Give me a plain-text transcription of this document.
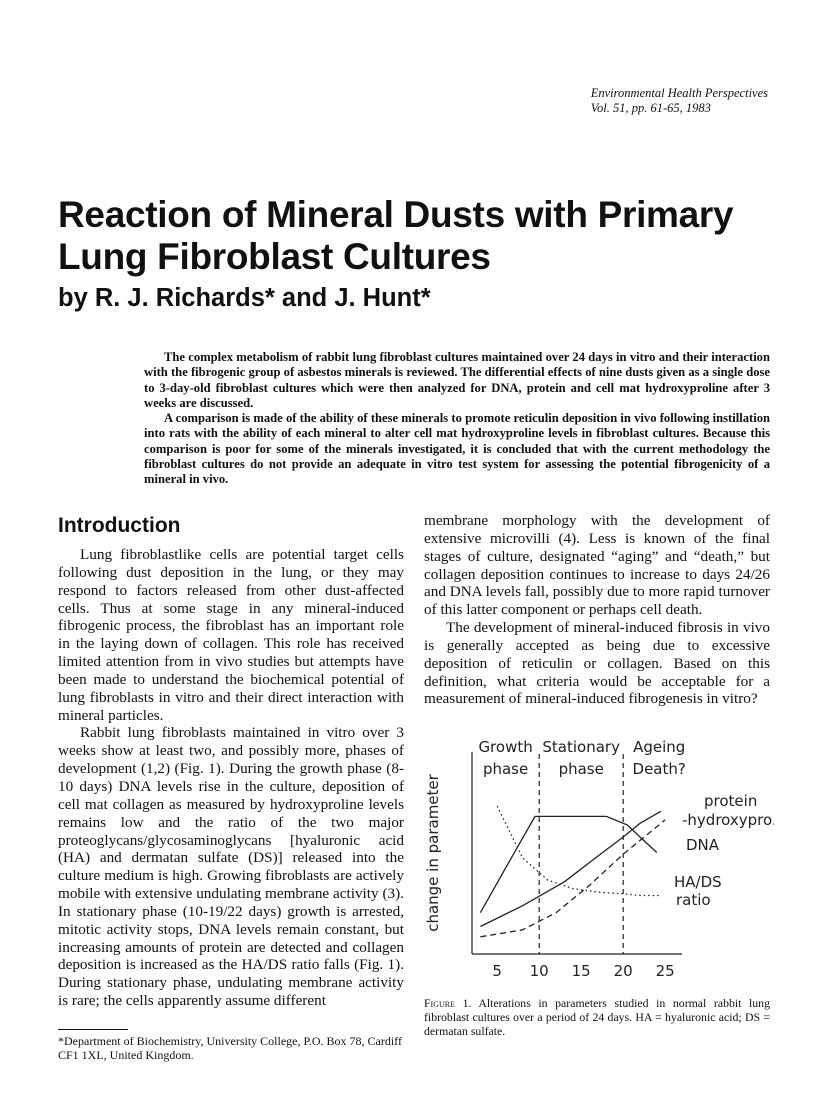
Environmental Health Perspectives
Vol. 51, pp. 61-65, 1983
Reaction of Mineral Dusts with Primary Lung Fibroblast Cultures
by R. J. Richards* and J. Hunt*

The complex metabolism of rabbit lung fibroblast cultures maintained over 24 days in vitro and their interaction with the fibrogenic group of asbestos minerals is reviewed. The differential effects of nine dusts given as a single dose to 3-day-old fibroblast cultures which were then analyzed for DNA, protein and cell mat hydroxyproline after 3 weeks are discussed.

A comparison is made of the ability of these minerals to promote reticulin deposition in vivo following instillation into rats with the ability of each mineral to alter cell mat hydroxyproline levels in fibroblast cultures. Because this comparison is poor for some of the minerals investigated, it is concluded that with the current methodology the fibroblast cultures do not provide an adequate in vitro test system for assessing the potential fibrogenicity of a mineral in vivo.

Introduction

Lung fibroblastlike cells are potential target cells following dust deposition in the lung, or they may respond to factors released from other dust-affected cells. Thus at some stage in any mineral-induced fibrogenic process, the fibroblast has an important role in the laying down of collagen. This role has received limited attention from in vivo studies but attempts have been made to understand the biochemical potential of lung fibroblasts in vitro and their direct interaction with mineral particles.

Rabbit lung fibroblasts maintained in vitro over 3 weeks show at least two, and possibly more, phases of development (1,2) (Fig. 1). During the growth phase (8-10 days) DNA levels rise in the culture, deposition of cell mat collagen as measured by hydroxyproline levels remains low and the ratio of the two major proteoglycans/glycosaminoglycans [hyaluronic acid (HA) and dermatan sulfate (DS)] released into the culture medium is high. Growing fibroblasts are actively mobile with extensive undulating membrane activity (3). In stationary phase (10-19/22 days) growth is arrested, mitotic activity stops, DNA levels remain constant, but increasing amounts of protein are detected and collagen deposition is increased as the HA/DS ratio falls (Fig. 1). During stationary phase, undulating membrane activity is rare; the cells apparently assume different

membrane morphology with the development of extensive microvilli (4). Less is known of the final stages of culture, designated “aging” and “death,” but collagen deposition continues to increase to days 24/26 and DNA levels fall, possibly due to more rapid turnover of this latter component or perhaps cell death.

The development of mineral-induced fibrosis in vivo is generally accepted as being due to excessive deposition of reticulin or collagen. Based on this definition, what criteria would be acceptable for a measurement of mineral-induced fibrogenesis in vitro?

Growth
phase
Stationary
phase
Ageing
Death?
protein
-hydroxypro.
DNA
HA/DS
ratio
5 10 15 20 25
change in parameter
Figure 1. Alterations in parameters studied in normal rabbit lung fibroblast cultures over a period of 24 days. HA = hyaluronic acid; DS = dermatan sulfate.
*Department of Biochemistry, University College, P.O. Box 78, Cardiff CF1 1XL, United Kingdom.
